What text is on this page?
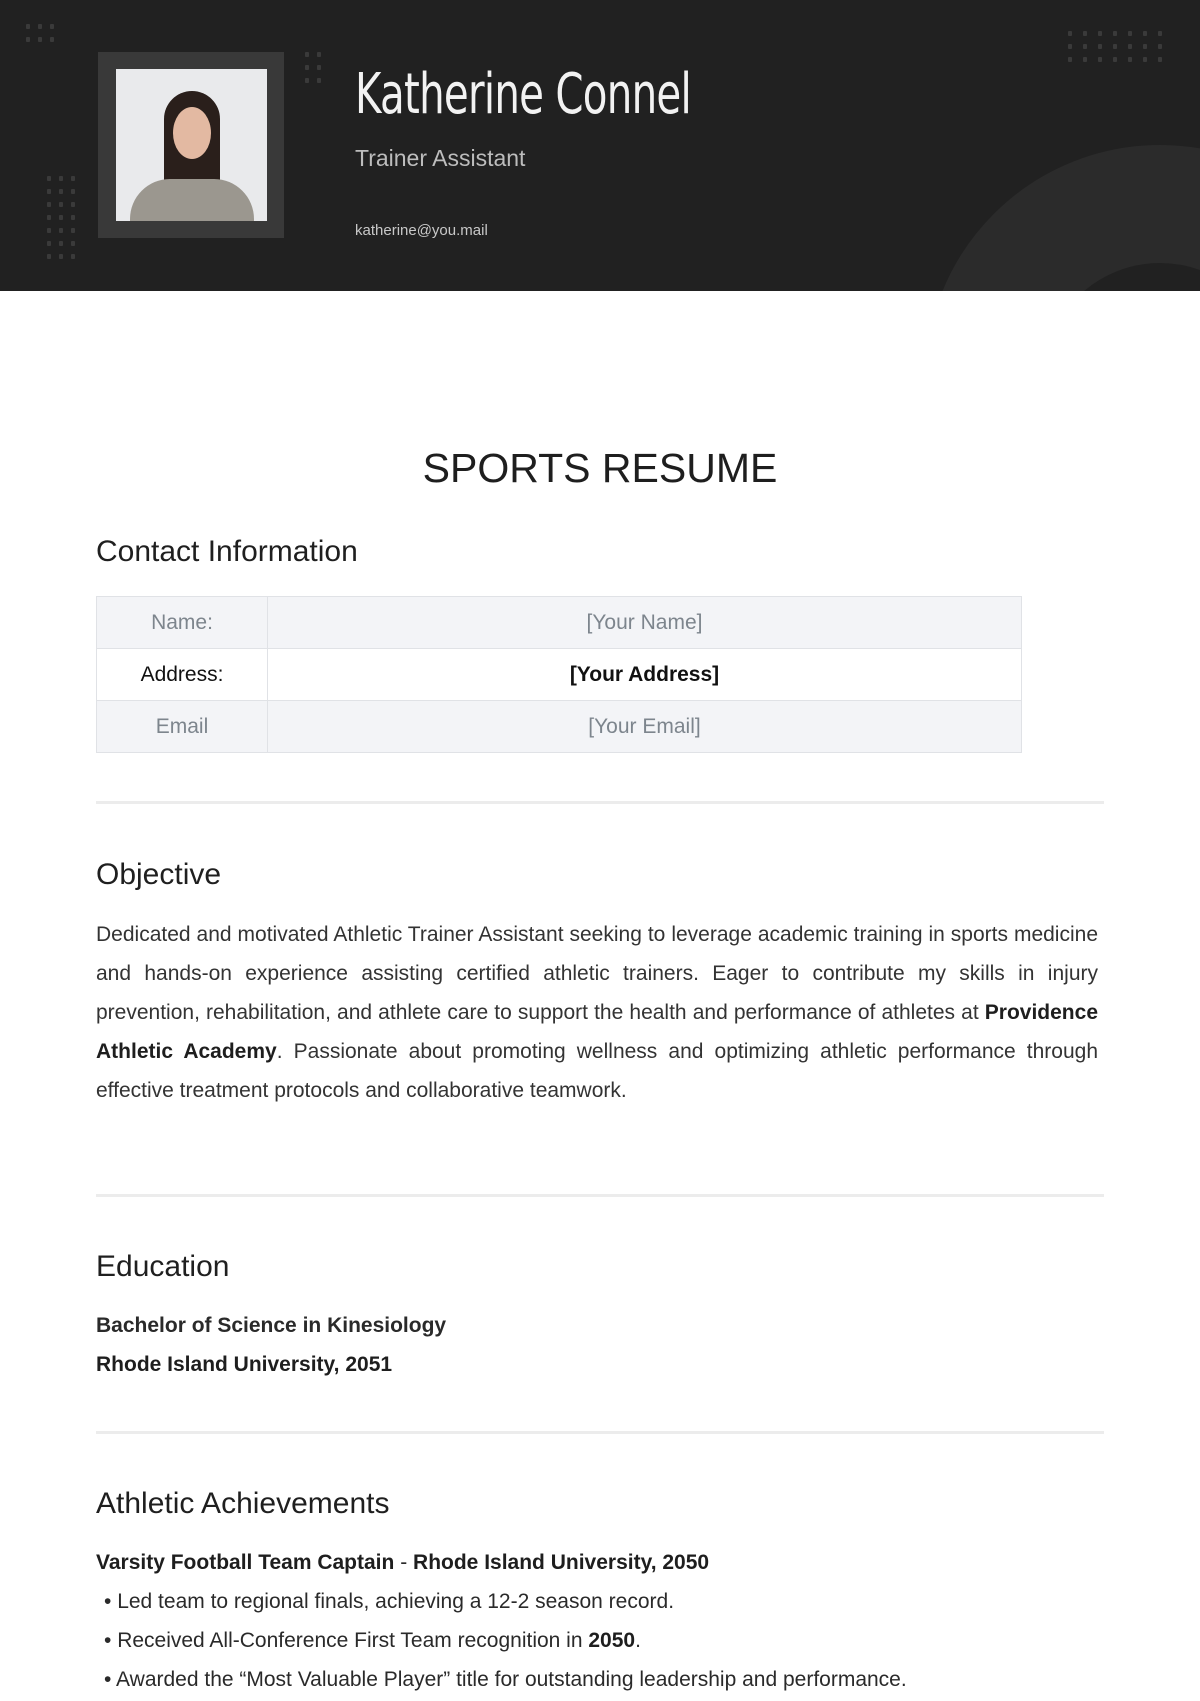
Katherine Connel
Trainer Assistant
katherine@you.mail
SPORTS RESUME
Contact Information
Name:	[Your Name]
Address:	[Your Address]
Email	[Your Email]
Objective
Dedicated and motivated Athletic Trainer Assistant seeking to leverage academic training in sports medicine and hands-on experience assisting certified athletic trainers. Eager to contribute my skills in injury prevention, rehabilitation, and athlete care to support the health and performance of athletes at Providence Athletic Academy. Passionate about promoting wellness and optimizing athletic performance through effective treatment protocols and collaborative teamwork.
Education
Bachelor of Science in Kinesiology
Rhode Island University, 2051
Athletic Achievements
Varsity Football Team Captain - Rhode Island University, 2050
• Led team to regional finals, achieving a 12-2 season record.
• Received All-Conference First Team recognition in 2050.
• Awarded the “Most Valuable Player” title for outstanding leadership and performance.
